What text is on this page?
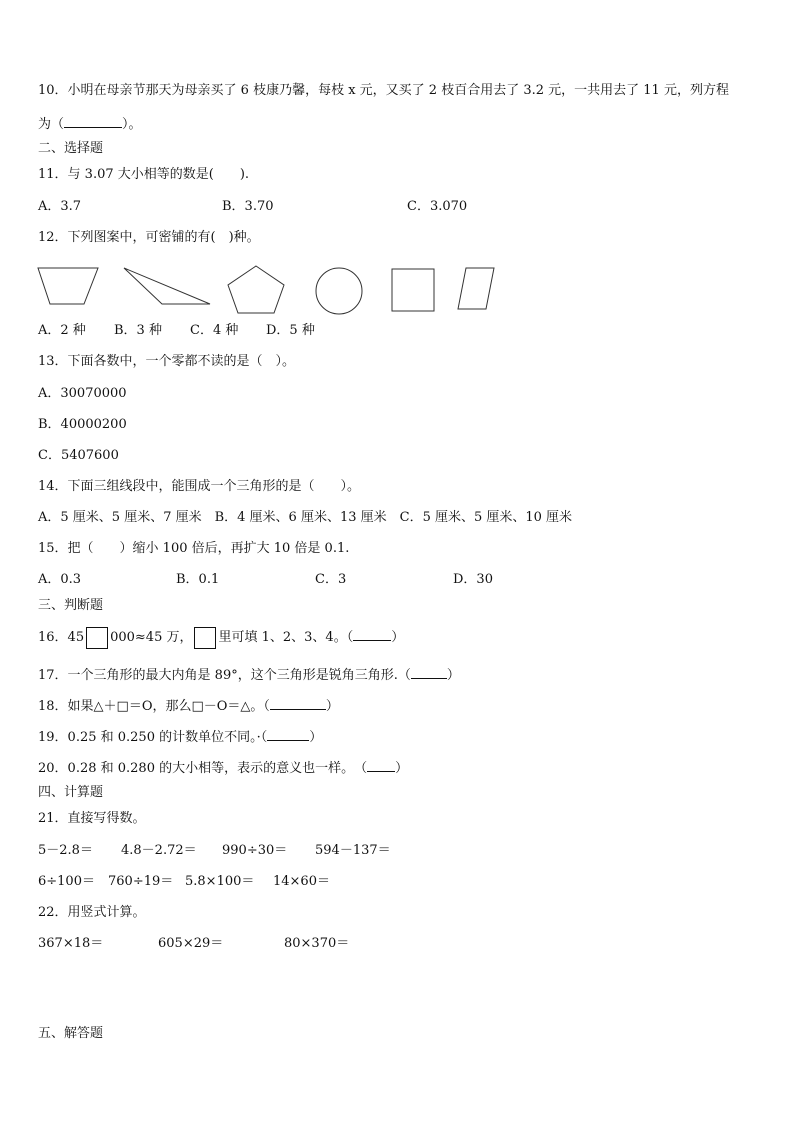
10．小明在母亲节那天为母亲买了 6 枝康乃馨，每枝 x 元，又买了 2 枝百合用去了 3.2 元，一共用去了 11 元，列方程
为（	）。
二、选择题
11．与 3.07 大小相等的数是(　　).
A．3.7	B．3.70	C．3.070
12．下列图案中，可密铺的有(　)种。
A．2 种 B．3 种 C．4 种 D．5 种
13．下面各数中，一个零都不读的是（　）。
A．30070000
B．40000200
C．5407600
14．下面三组线段中，能围成一个三角形的是（　　）。
A．5 厘米、5 厘米、7 厘米　B．4 厘米、6 厘米、13 厘米　C．5 厘米、5 厘米、10 厘米
15．把（　　）缩小 100 倍后，再扩大 10 倍是 0.1.
A．0.3	B．0.1	C．3	D．30
三、判断题
16．45 000≈45 万， 里可填 1、2、3、4。（	）
17．一个三角形的最大内角是 89°，这个三角形是锐角三角形.（	）
18．如果△＋□＝O，那么□－O＝△。（	）
19．0.25 和 0.250 的计数单位不同。·（	）
20．0.28 和 0.280 的大小相等，表示的意义也一样。　（ ）
四、计算题
21．直接写得数。
5－2.8＝ 4.8－2.72＝ 990÷30＝ 594－137＝
6÷100＝ 760÷19＝ 5.8×100＝ 14×60＝
22．用竖式计算。
367×18＝	605×29＝	80×370＝
五、解答题
